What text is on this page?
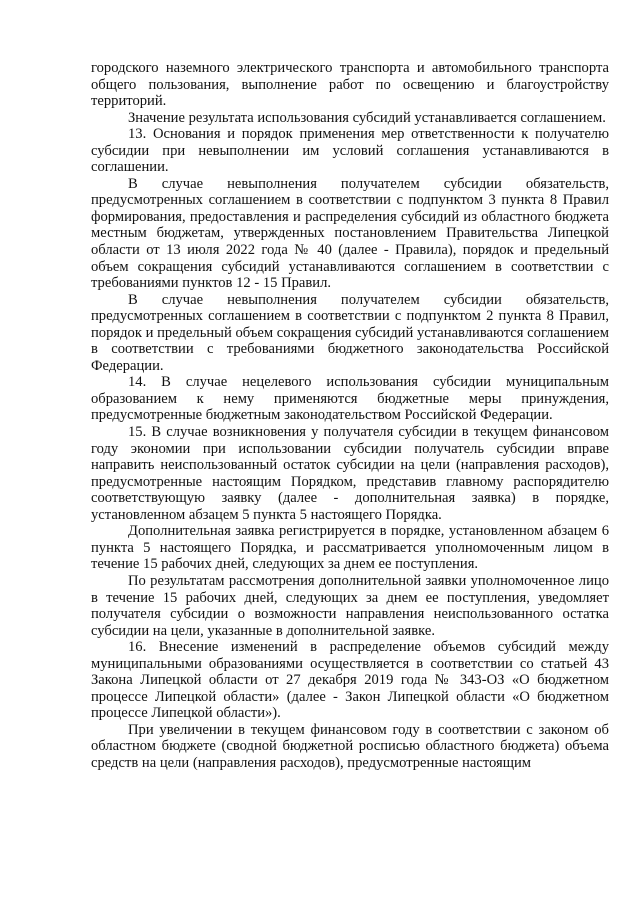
городского наземного электрического транспорта и автомобильного транспорта общего пользования, выполнение работ по освещению и благоустройству территорий.

Значение результата использования субсидий устанавливается соглашением.

13. Основания и порядок применения мер ответственности к получателю субсидии при невыполнении им условий соглашения устанавливаются в соглашении.

В случае невыполнения получателем субсидии обязательств, предусмотренных соглашением в соответствии с подпунктом 3 пункта 8 Правил формирования, предоставления и распределения субсидий из областного бюджета местным бюджетам, утвержденных постановлением Правительства Липецкой области от 13 июля 2022 года № 40 (далее - Правила), порядок и предельный объем сокращения субсидий устанавливаются соглашением в соответствии с требованиями пунктов 12 - 15 Правил.

В случае невыполнения получателем субсидии обязательств, предусмотренных соглашением в соответствии с подпунктом 2 пункта 8 Правил, порядок и предельный объем сокращения субсидий устанавливаются соглашением в соответствии с требованиями бюджетного законодательства Российской Федерации.

14. В случае нецелевого использования субсидии муниципальным образованием к нему применяются бюджетные меры принуждения, предусмотренные бюджетным законодательством Российской Федерации.

15. В случае возникновения у получателя субсидии в текущем финансовом году экономии при использовании субсидии получатель субсидии вправе направить неиспользованный остаток субсидии на цели (направления расходов), предусмотренные настоящим Порядком, представив главному распорядителю соответствующую заявку (далее - дополнительная заявка) в порядке, установленном абзацем 5 пункта 5 настоящего Порядка.

Дополнительная заявка регистрируется в порядке, установленном абзацем 6 пункта 5 настоящего Порядка, и рассматривается уполномоченным лицом в течение 15 рабочих дней, следующих за днем ее поступления.

По результатам рассмотрения дополнительной заявки уполномоченное лицо в течение 15 рабочих дней, следующих за днем ее поступления, уведомляет получателя субсидии о возможности направления неиспользованного остатка субсидии на цели, указанные в дополнительной заявке.

16. Внесение изменений в распределение объемов субсидий между муниципальными образованиями осуществляется в соответствии со статьей 43 Закона Липецкой области от 27 декабря 2019 года № 343-ОЗ «О бюджетном процессе Липецкой области» (далее - Закон Липецкой области «О бюджетном процессе Липецкой области»).

При увеличении в текущем финансовом году в соответствии с законом об областном бюджете (сводной бюджетной росписью областного бюджета) объема средств на цели (направления расходов), предусмотренные настоящим
